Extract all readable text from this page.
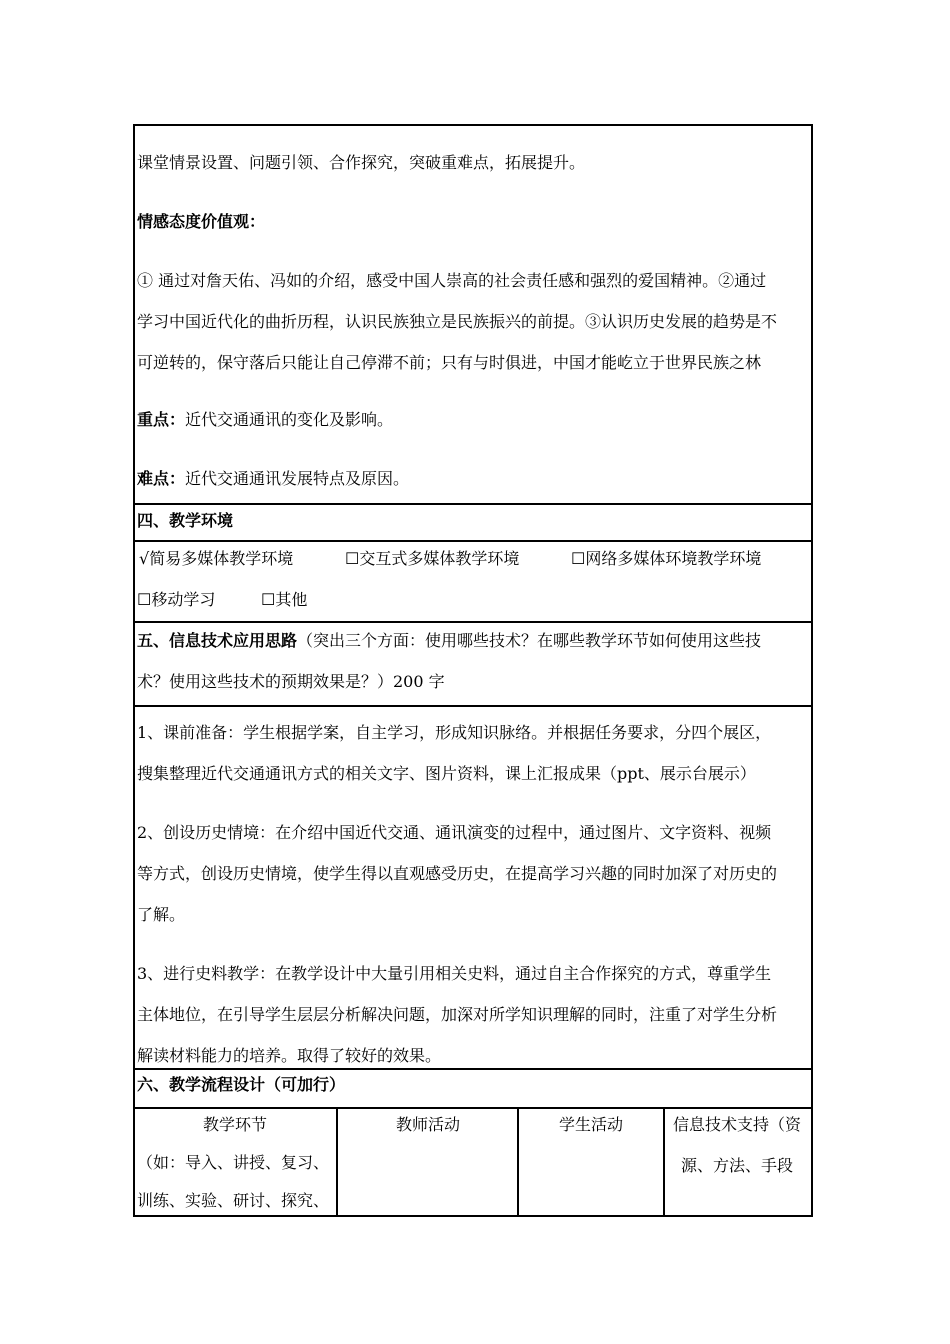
课堂情景设置、问题引领、合作探究，突破重难点，拓展提升。
情感态度价值观：
① 通过对詹天佑、冯如的介绍，感受中国人崇高的社会责任感和强烈的爱国精神。②通过
学习中国近代化的曲折历程，认识民族独立是民族振兴的前提。③认识历史发展的趋势是不
可逆转的，保守落后只能让自己停滞不前；只有与时俱进，中国才能屹立于世界民族之林
重点：近代交通通讯的变化及影响。
难点：近代交通通讯发展特点及原因。
四、教学环境
√简易多媒体教学环境	☐交互式多媒体教学环境	☐网络多媒体环境教学环境
☐移动学习	☐其他
五、信息技术应用思路（突出三个方面：使用哪些技术？在哪些教学环节如何使用这些技
术？使用这些技术的预期效果是？）200 字
1、课前准备：学生根据学案，自主学习，形成知识脉络。并根据任务要求，分四个展区，
搜集整理近代交通通讯方式的相关文字、图片资料，课上汇报成果（ppt、展示台展示）
2、创设历史情境：在介绍中国近代交通、通讯演变的过程中，通过图片、文字资料、视频
等方式，创设历史情境，使学生得以直观感受历史，在提高学习兴趣的同时加深了对历史的
了解。
3、进行史料教学：在教学设计中大量引用相关史料，通过自主合作探究的方式，尊重学生
主体地位，在引导学生层层分析解决问题，加深对所学知识理解的同时，注重了对学生分析
解读材料能力的培养。取得了较好的效果。
六、教学流程设计（可加行）
教学环节
（如：导入、讲授、复习、
训练、实验、研讨、探究、
教师活动	学生活动	信息技术支持（资
源、方法、手段
